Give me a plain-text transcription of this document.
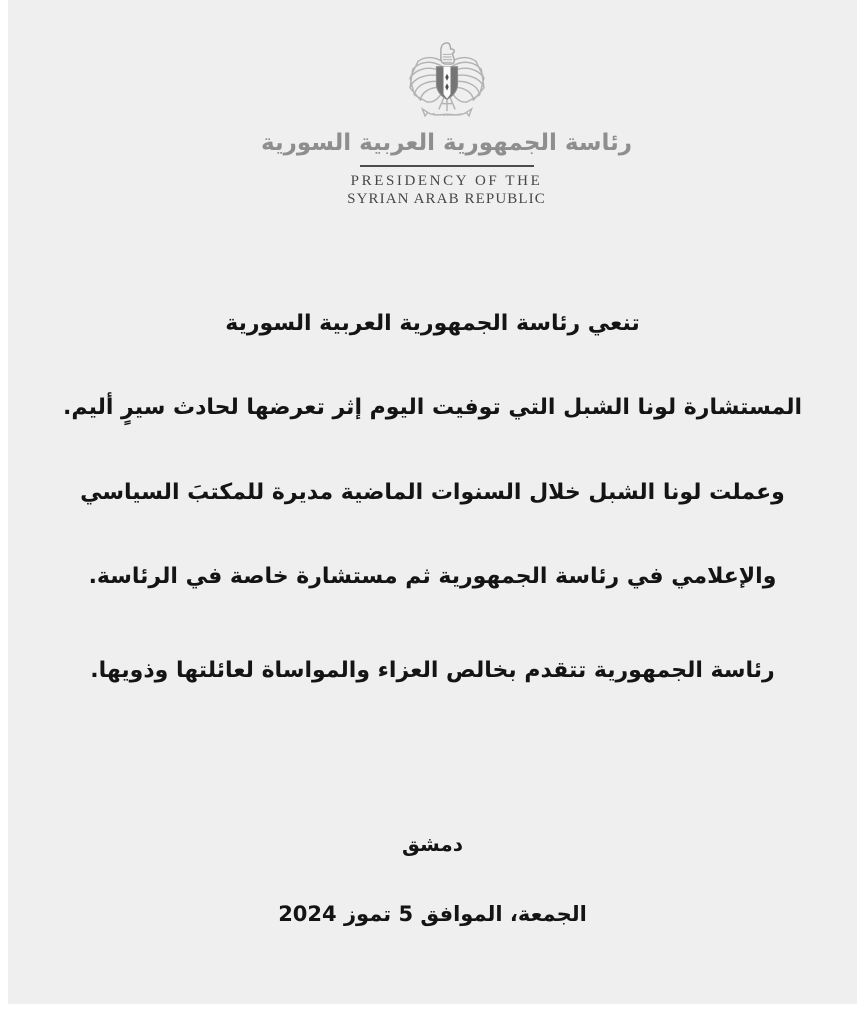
رئاسة الجمهورية العربية السورية
PRESIDENCY OF THE
SYRIAN ARAB REPUBLIC
تنعي رئاسة الجمهورية العربية السورية
المستشارة لونا الشبل التي توفيت اليوم إثر تعرضها لحادث سيرٍ أليم.
وعملت لونا الشبل خلال السنوات الماضية مديرة للمكتبَ السياسي
والإعلامي في رئاسة الجمهورية ثم مستشارة خاصة في الرئاسة.
رئاسة الجمهورية تتقدم بخالص العزاء والمواساة لعائلتها وذويها.
دمشق
الجمعة، الموافق 5 تموز 2024
